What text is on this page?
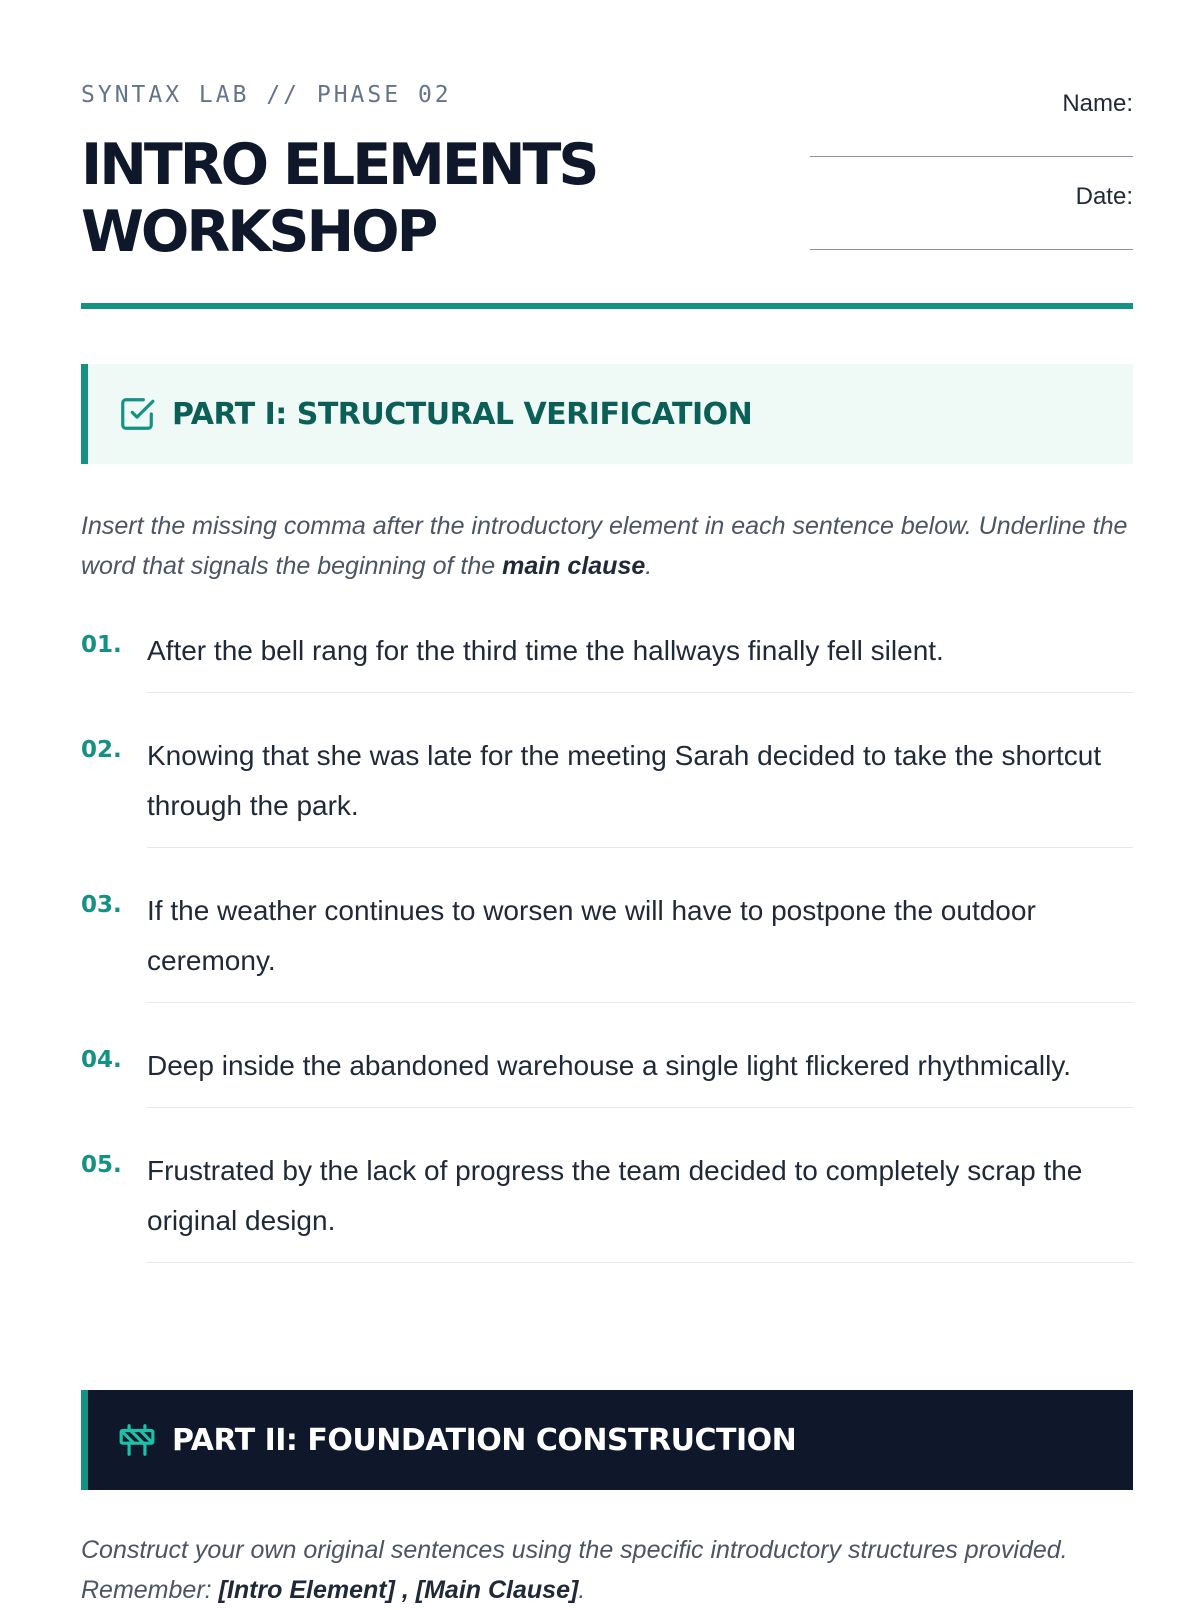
SYNTAX LAB // PHASE 02
INTRO ELEMENTS
WORKSHOP
Name:
Date:
PART I: STRUCTURAL VERIFICATION

Insert the missing comma after the introductory element in each sentence below. Underline the word that signals the beginning of the main clause.

01. After the bell rang for the third time the hallways finally fell silent.
02. Knowing that she was late for the meeting Sarah decided to take the shortcut through the park.
03. If the weather continues to worsen we will have to postpone the outdoor ceremony.
04. Deep inside the abandoned warehouse a single light flickered rhythmically.
05. Frustrated by the lack of progress the team decided to completely scrap the original design.
PART II: FOUNDATION CONSTRUCTION

Construct your own original sentences using the specific introductory structures provided. Remember: [Intro Element] , [Main Clause].
